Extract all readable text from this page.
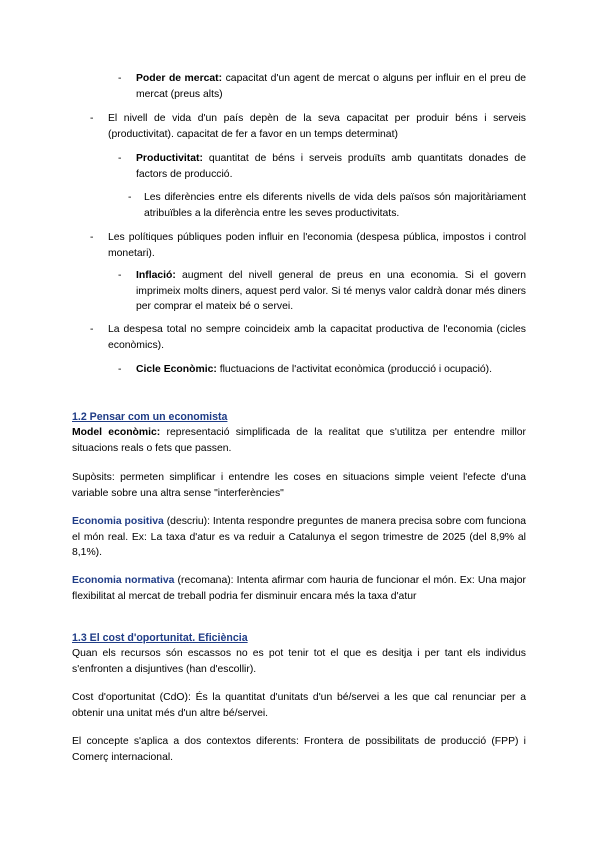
- Poder de mercat: capacitat d'un agent de mercat o alguns per influir en el preu de mercat (preus alts)

- El nivell de vida d'un país depèn de la seva capacitat per produir béns i serveis (productivitat). capacitat de fer a favor en un temps determinat)

- Productivitat: quantitat de béns i serveis produïts amb quantitats donades de factors de producció.

- Les diferències entre els diferents nivells de vida dels països són majoritàriament atribuïbles a la diferència entre les seves productivitats.

- Les polítiques públiques poden influir en l'economia (despesa pública, impostos i control monetari).

- Inflació: augment del nivell general de preus en una economia. Si el govern imprimeix molts diners, aquest perd valor. Si té menys valor caldrà donar més diners per comprar el mateix bé o servei.

- La despesa total no sempre coincideix amb la capacitat productiva de l'economia (cicles econòmics).

- Cicle Econòmic: fluctuacions de l'activitat econòmica (producció i ocupació).

1.2 Pensar com un economista

Model econòmic: representació simplificada de la realitat que s'utilitza per entendre millor situacions reals o fets que passen.

Supòsits: permeten simplificar i entendre les coses en situacions simple veient l'efecte d'una variable sobre una altra sense "interferències"

Economia positiva (descriu): Intenta respondre preguntes de manera precisa sobre com funciona el món real. Ex: La taxa d'atur es va reduir a Catalunya el segon trimestre de 2025 (del 8,9% al 8,1%).

Economia normativa (recomana): Intenta afirmar com hauria de funcionar el món. Ex: Una major flexibilitat al mercat de treball podria fer disminuir encara més la taxa d'atur

1.3 El cost d'oportunitat. Eficiència

Quan els recursos són escassos no es pot tenir tot el que es desitja i per tant els individus s'enfronten a disjuntives (han d'escollir).

Cost d'oportunitat (CdO): És la quantitat d'unitats d'un bé/servei a les que cal renunciar per a obtenir una unitat més d'un altre bé/servei.

El concepte s'aplica a dos contextos diferents: Frontera de possibilitats de producció (FPP) i Comerç internacional.
